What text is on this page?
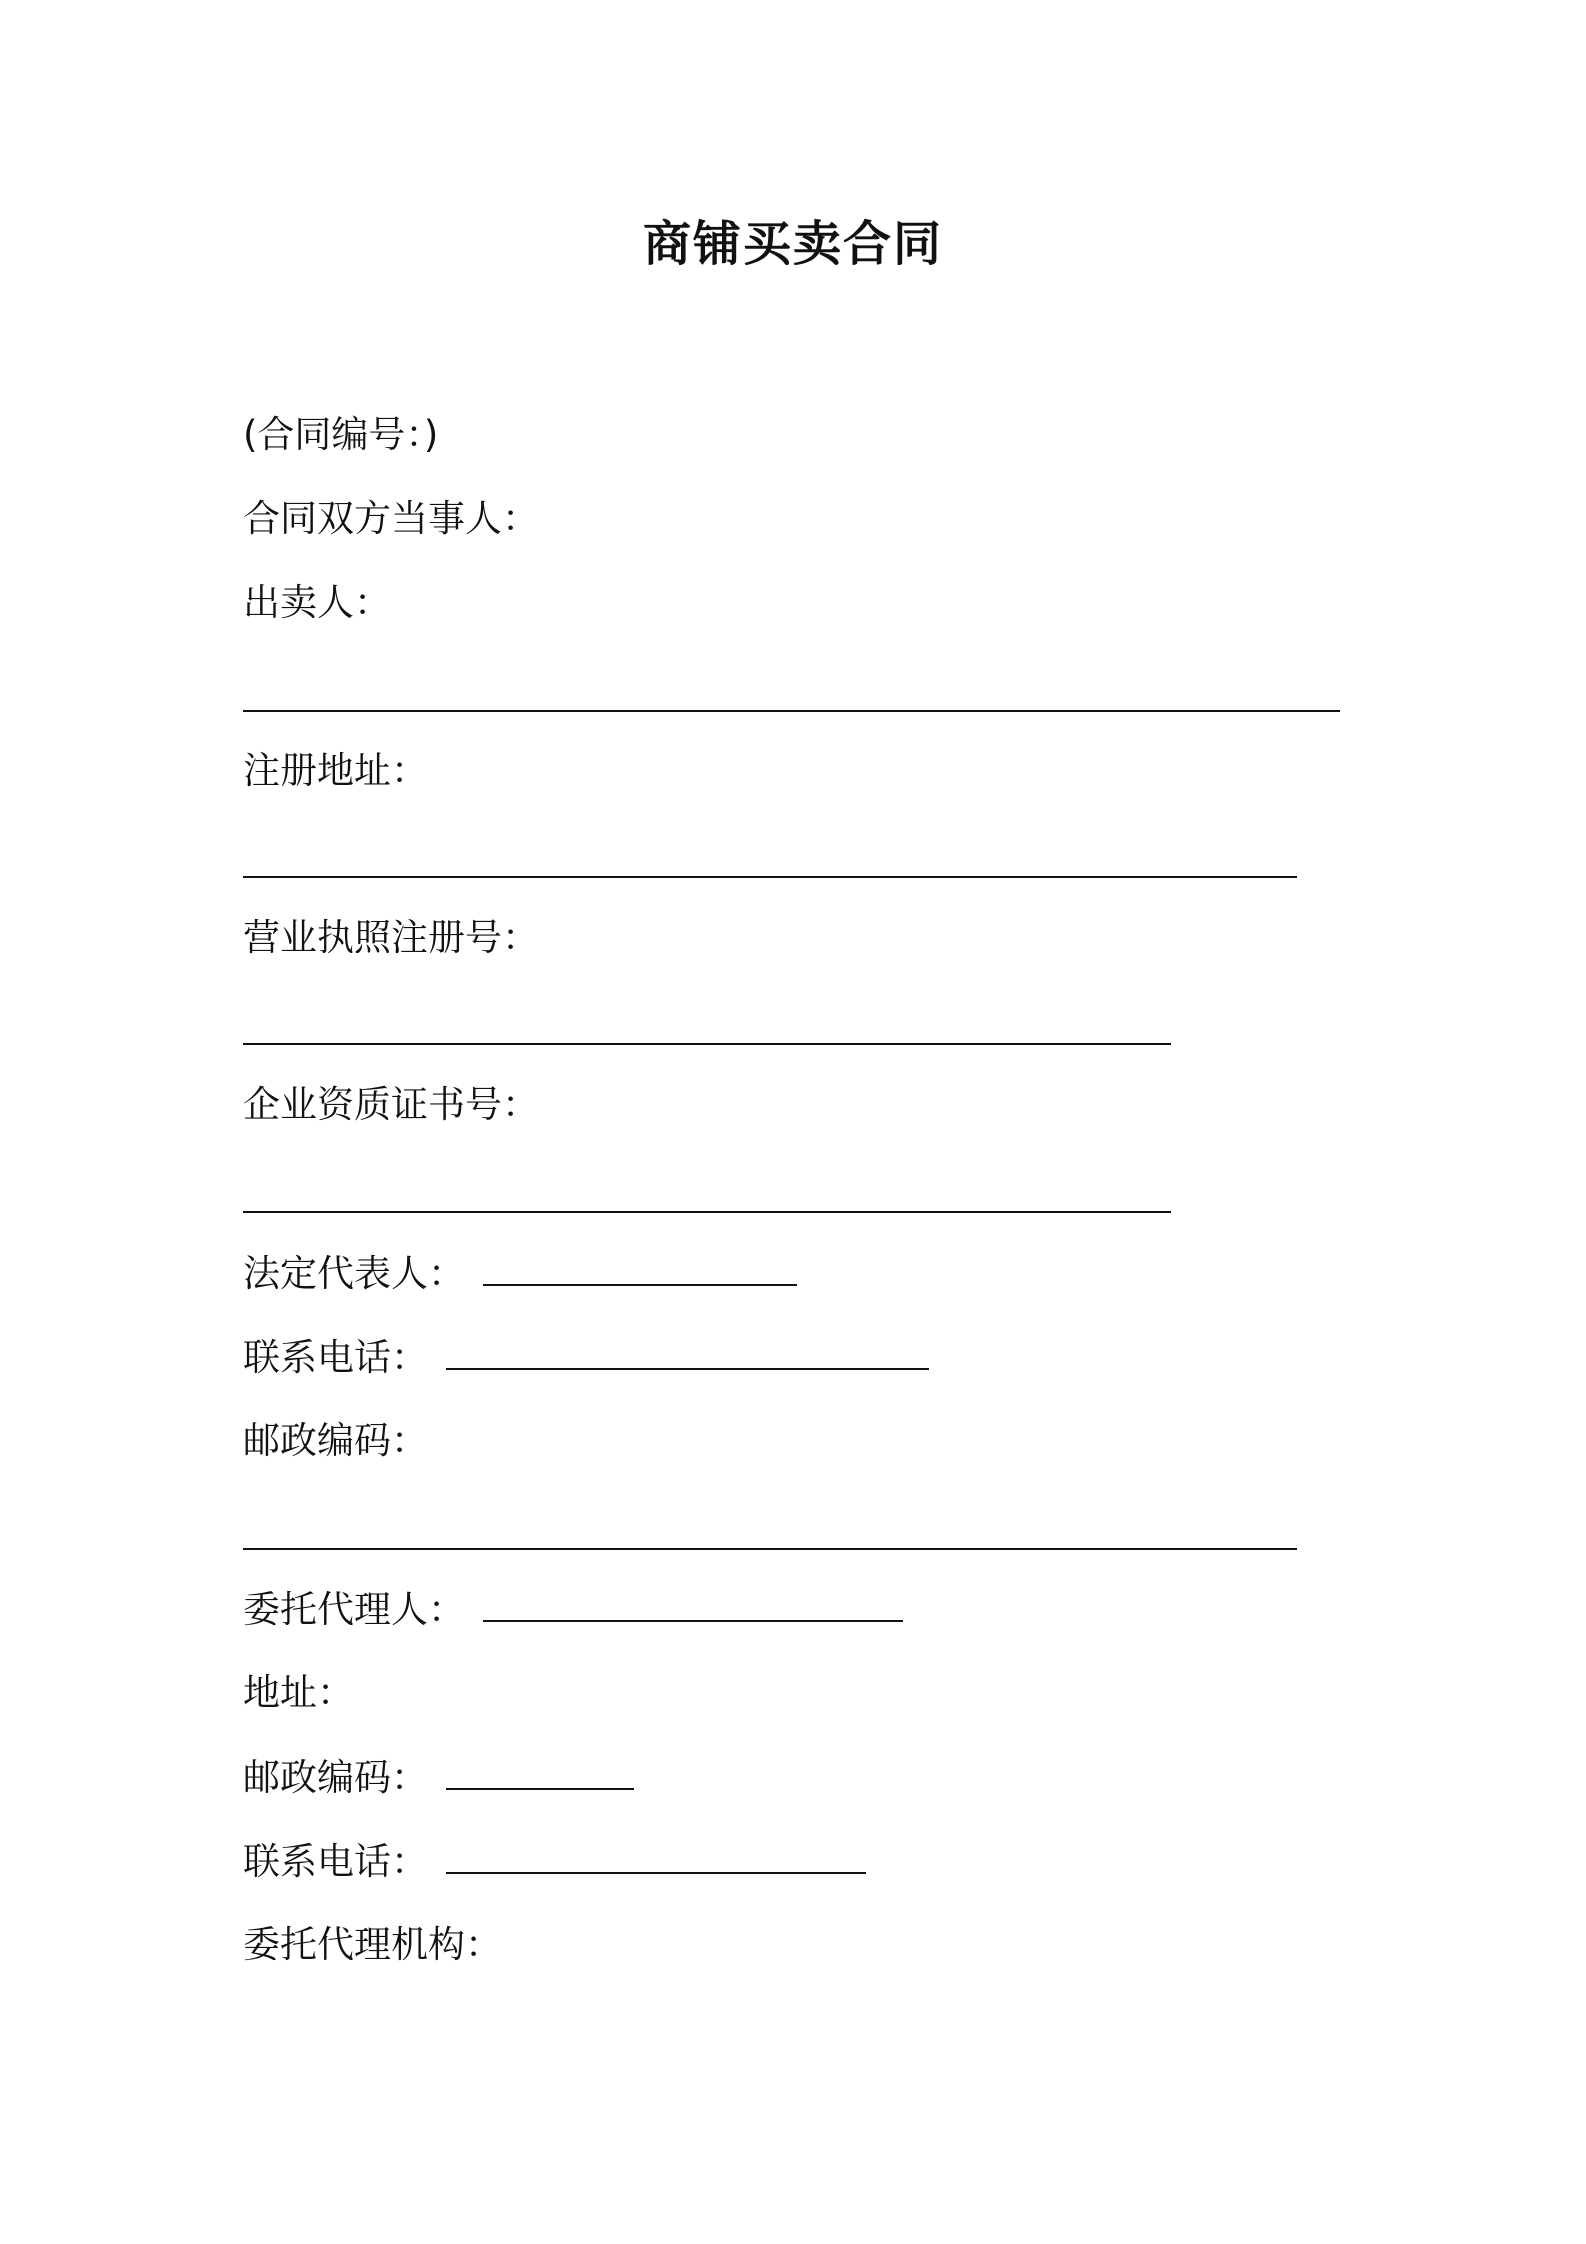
商铺买卖合同
(合同编号：)
合同双方当事人：
出卖人：
注册地址：
营业执照注册号：
企业资质证书号：
法定代表人：
联系电话：
邮政编码：
委托代理人：
地址：
邮政编码：
联系电话：
委托代理机构：
